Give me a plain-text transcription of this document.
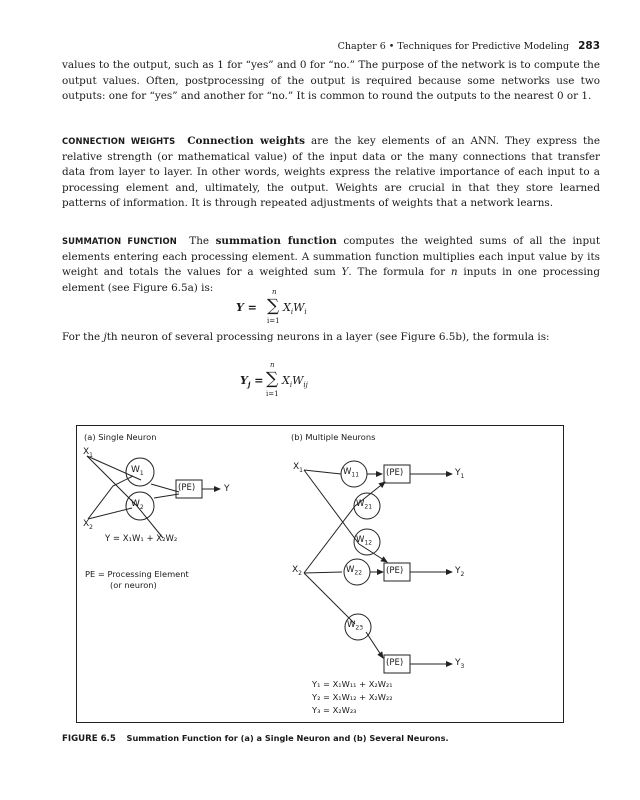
Chapter 6 • Techniques for Predictive Modeling 283

values to the output, such as 1 for “yes” and 0 for “no.” The purpose of the network is to compute the output values. Often, postprocessing of the output is required because some networks use two outputs: one for “yes” and another for “no.” It is common to round the outputs to the nearest 0 or 1.

CONNECTION WEIGHTS Connection weights are the key elements of an ANN. They express the relative strength (or mathematical value) of the input data or the many connections that transfer data from layer to layer. In other words, weights express the relative importance of each input to a processing element and, ultimately, the output. Weights are crucial in that they store learned patterns of information. It is through repeated adjustments of weights that a network learns.

SUMMATION FUNCTION The summation function computes the weighted sums of all the input elements entering each processing element. A summation function multiplies each input value by its weight and totals the values for a weighted sum Y. The formula for n inputs in one processing element (see Figure 6.5a) is:	n
Y = ∑ $X_iW_i$
i=1

For the jth neuron of several processing neurons in a layer (see Figure 6.5b), the formula is:

n
$Y_j$ = ∑ $X_iW_{ij}$
i=1
(a) Single Neuron	(b) Multiple Neurons
$X_1$
$X_2$
$W_1$
$W_2$
(PE)	Y
Y = X₁W₁ + X₂W₂
PE = Processing Element
(or neuron)
$X_1$
$X_2$
$W_{11}$
$W_{21}$
$W_{12}$
$W_{22}$
$W_{23}$
(PE)
(PE)
(PE)
$Y_1$
$Y_2$
$Y_3$
Y₁ = X₁W₁₁ + X₂W₂₁
Y₂ = X₁W₁₂ + X₂W₂₂
Y₃ = X₂W₂₃
FIGURE 6.5 Summation Function for (a) a Single Neuron and (b) Several Neurons.
